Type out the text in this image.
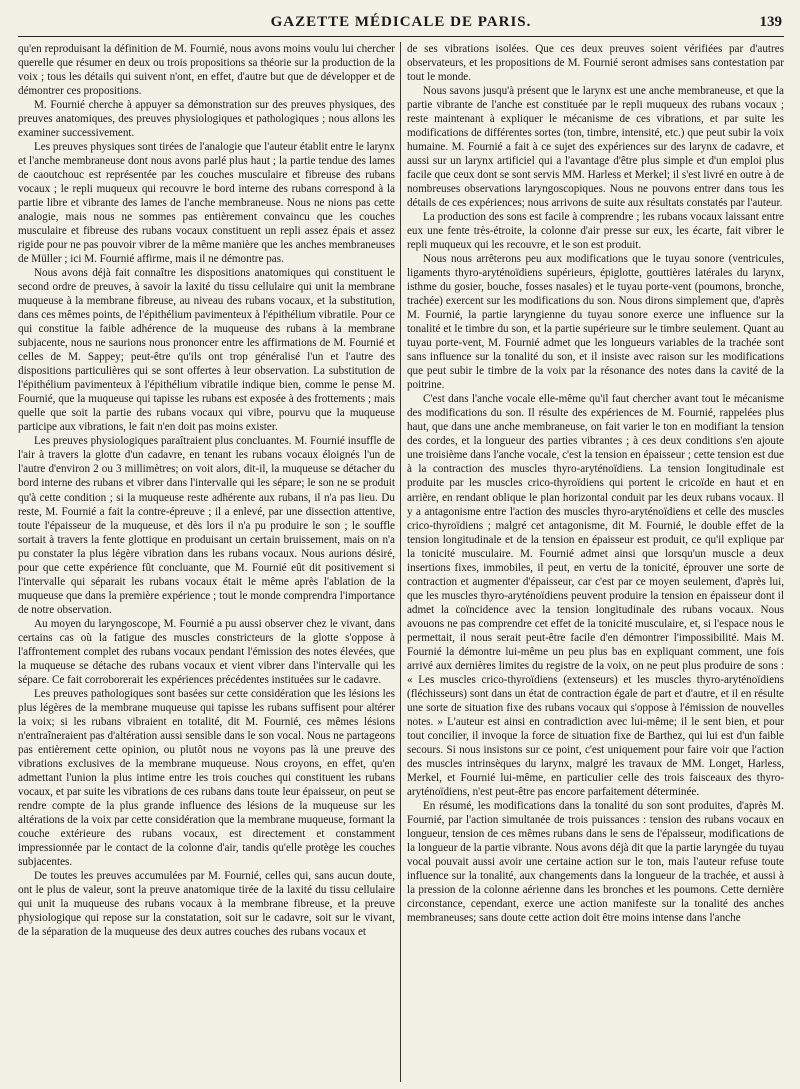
GAZETTE MÉDICALE DE PARIS.	139

qu'en reproduisant la définition de M. Fournié, nous avons moins voulu lui chercher querelle que résumer en deux ou trois propositions sa théorie sur la production de la voix ; tous les détails qui suivent n'ont, en effet, d'autre but que de développer et de démontrer ces propositions.

M. Fournié cherche à appuyer sa démonstration sur des preuves physiques, des preuves anatomiques, des preuves physiologiques et pathologiques ; nous allons les examiner successivement.

Les preuves physiques sont tirées de l'analogie que l'auteur établit entre le larynx et l'anche membraneuse dont nous avons parlé plus haut ; la partie tendue des lames de caoutchouc est représentée par les couches musculaire et fibreuse des rubans vocaux ; le repli muqueux qui recouvre le bord interne des rubans correspond à la partie libre et vibrante des lames de l'anche membraneuse. Nous ne nions pas cette analogie, mais nous ne sommes pas entièrement convaincu que les couches musculaire et fibreuse des rubans vocaux constituent un repli assez épais et assez rigide pour ne pas pouvoir vibrer de la même manière que les anches membraneuses de Müller ; ici M. Fournié affirme, mais il ne démontre pas.

Nous avons déjà fait connaître les dispositions anatomiques qui constituent le second ordre de preuves, à savoir la laxité du tissu cellulaire qui unit la membrane muqueuse à la membrane fibreuse, au niveau des rubans vocaux, et la substitution, dans ces mêmes points, de l'épithélium pavimenteux à l'épithélium vibratile. Pour ce qui constitue la faible adhérence de la muqueuse des rubans à la membrane subjacente, nous ne saurions nous prononcer entre les affirmations de M. Fournié et celles de M. Sappey; peut-être qu'ils ont trop généralisé l'un et l'autre des dispositions particulières qui se sont offertes à leur observation. La substitution de l'épithélium pavimenteux à l'épithélium vibratile indique bien, comme le pense M. Fournié, que la muqueuse qui tapisse les rubans est exposée à des frottements ; mais quelle que soit la partie des rubans vocaux qui vibre, pourvu que la muqueuse participe aux vibrations, le fait n'en doit pas moins exister.

Les preuves physiologiques paraîtraient plus concluantes. M. Fournié insuffle de l'air à travers la glotte d'un cadavre, en tenant les rubans vocaux éloignés l'un de l'autre d'environ 2 ou 3 millimètres; on voit alors, dit-il, la muqueuse se détacher du bord interne des rubans et vibrer dans l'intervalle qui les sépare; le son ne se produit qu'à cette condition ; si la muqueuse reste adhérente aux rubans, il n'a pas lieu. Du reste, M. Fournié a fait la contre-épreuve ; il a enlevé, par une dissection attentive, toute l'épaisseur de la muqueuse, et dès lors il n'a pu produire le son ; le souffle sortait à travers la fente glottique en produisant un certain bruissement, mais on n'a pu constater la plus légère vibration dans les rubans vocaux. Nous aurions désiré, pour que cette expérience fût concluante, que M. Fournié eût dit positivement si l'intervalle qui séparait les rubans vocaux était le même après l'ablation de la muqueuse que dans la première expérience ; tout le monde comprendra l'importance de notre observation.

Au moyen du laryngoscope, M. Fournié a pu aussi observer chez le vivant, dans certains cas où la fatigue des muscles constricteurs de la glotte s'oppose à l'affrontement complet des rubans vocaux pendant l'émission des notes élevées, que la muqueuse se détache des rubans vocaux et vient vibrer dans l'intervalle qui les sépare. Ce fait corroborerait les expériences précédentes instituées sur le cadavre.

Les preuves pathologiques sont basées sur cette considération que les lésions les plus légères de la membrane muqueuse qui tapisse les rubans suffisent pour altérer la voix; si les rubans vibraient en totalité, dit M. Fournié, ces mêmes lésions n'entraîneraient pas d'altération aussi sensible dans le son vocal. Nous ne partageons pas entièrement cette opinion, ou plutôt nous ne voyons pas là une preuve des vibrations exclusives de la membrane muqueuse. Nous croyons, en effet, qu'en admettant l'union la plus intime entre les trois couches qui constituent les rubans vocaux, et par suite les vibrations de ces rubans dans toute leur épaisseur, on peut se rendre compte de la plus grande influence des lésions de la muqueuse sur les altérations de la voix par cette considération que la membrane muqueuse, formant la couche extérieure des rubans vocaux, est directement et constamment impressionnée par le contact de la colonne d'air, tandis qu'elle protège les couches subjacentes.

De toutes les preuves accumulées par M. Fournié, celles qui, sans aucun doute, ont le plus de valeur, sont la preuve anatomique tirée de la laxité du tissu cellulaire qui unit la muqueuse des rubans vocaux à la membrane fibreuse, et la preuve physiologique qui repose sur la constatation, soit sur le cadavre, soit sur le vivant, de la séparation de la muqueuse des deux autres couches des rubans vocaux et

de ses vibrations isolées. Que ces deux preuves soient vérifiées par d'autres observateurs, et les propositions de M. Fournié seront admises sans contestation par tout le monde.

Nous savons jusqu'à présent que le larynx est une anche membraneuse, et que la partie vibrante de l'anche est constituée par le repli muqueux des rubans vocaux ; reste maintenant à expliquer le mécanisme de ces vibrations, et par suite les modifications de différentes sortes (ton, timbre, intensité, etc.) que peut subir la voix humaine. M. Fournié a fait à ce sujet des expériences sur des larynx de cadavre, et aussi sur un larynx artificiel qui a l'avantage d'être plus simple et d'un emploi plus facile que ceux dont se sont servis MM. Harless et Merkel; il s'est livré en outre à de nombreuses observations laryngoscopiques. Nous ne pouvons entrer dans tous les détails de ces expériences; nous arrivons de suite aux résultats constatés par l'auteur.

La production des sons est facile à comprendre ; les rubans vocaux laissant entre eux une fente très-étroite, la colonne d'air presse sur eux, les écarte, fait vibrer le repli muqueux qui les recouvre, et le son est produit.

Nous nous arrêterons peu aux modifications que le tuyau sonore (ventricules, ligaments thyro-aryténoïdiens supérieurs, épiglotte, gouttières latérales du larynx, isthme du gosier, bouche, fosses nasales) et le tuyau porte-vent (poumons, bronche, trachée) exercent sur les modifications du son. Nous dirons simplement que, d'après M. Fournié, la partie laryngienne du tuyau sonore exerce une influence sur la tonalité et le timbre du son, et la partie supérieure sur le timbre seulement. Quant au tuyau porte-vent, M. Fournié admet que les longueurs variables de la trachée sont sans influence sur la tonalité du son, et il insiste avec raison sur les modifications que peut subir le timbre de la voix par la résonance des notes dans la cavité de la poitrine.

C'est dans l'anche vocale elle-même qu'il faut chercher avant tout le mécanisme des modifications du son. Il résulte des expériences de M. Fournié, rappelées plus haut, que dans une anche membraneuse, on fait varier le ton en modifiant la tension des cordes, et la longueur des parties vibrantes ; à ces deux conditions s'en ajoute une troisième dans l'anche vocale, c'est la tension en épaisseur ; cette tension est due à la contraction des muscles thyro-aryténoïdiens. La tension longitudinale est produite par les muscles crico-thyroïdiens qui portent le cricoïde en haut et en arrière, en rendant oblique le plan horizontal conduit par les deux rubans vocaux. Il y a antagonisme entre l'action des muscles thyro-aryténoïdiens et celle des muscles crico-thyroïdiens ; malgré cet antagonisme, dit M. Fournié, le double effet de la tension longitudinale et de la tension en épaisseur est produit, ce qu'il explique par la tonicité musculaire. M. Fournié admet ainsi que lorsqu'un muscle a deux insertions fixes, immobiles, il peut, en vertu de la tonicité, éprouver une sorte de contraction et augmenter d'épaisseur, car c'est par ce moyen seulement, d'après lui, que les muscles thyro-aryténoïdiens peuvent produire la tension en épaisseur dont il admet la coïncidence avec la tension longitudinale des rubans vocaux. Nous avouons ne pas comprendre cet effet de la tonicité musculaire, et, si l'espace nous le permettait, il nous serait peut-être facile d'en démontrer l'impossibilité. Mais M. Fournié la démontre lui-même un peu plus bas en expliquant comment, une fois arrivé aux dernières limites du registre de la voix, on ne peut plus produire de sons : « Les muscles crico-thyroïdiens (extenseurs) et les muscles thyro-aryténoïdiens (fléchisseurs) sont dans un état de contraction égale de part et d'autre, et il en résulte une sorte de situation fixe des rubans vocaux qui s'oppose à l'émission de nouvelles notes. » L'auteur est ainsi en contradiction avec lui-même; il le sent bien, et pour tout concilier, il invoque la force de situation fixe de Barthez, qui lui est d'un faible secours. Si nous insistons sur ce point, c'est uniquement pour faire voir que l'action des muscles intrinsèques du larynx, malgré les travaux de MM. Longet, Harless, Merkel, et Fournié lui-même, en particulier celle des trois faisceaux des thyro-aryténoïdiens, n'est peut-être pas encore parfaitement déterminée.

En résumé, les modifications dans la tonalité du son sont produites, d'après M. Fournié, par l'action simultanée de trois puissances : tension des rubans vocaux en longueur, tension de ces mêmes rubans dans le sens de l'épaisseur, modifications de la longueur de la partie vibrante. Nous avons déjà dit que la partie laryngée du tuyau vocal pouvait aussi avoir une certaine action sur le ton, mais l'auteur refuse toute influence sur la tonalité, aux changements dans la longueur de la trachée, et aussi à la pression de la colonne aérienne dans les bronches et les poumons. Cette dernière circonstance, cependant, exerce une action manifeste sur la tonalité des anches membraneuses; sans doute cette action doit être moins intense dans l'anche
